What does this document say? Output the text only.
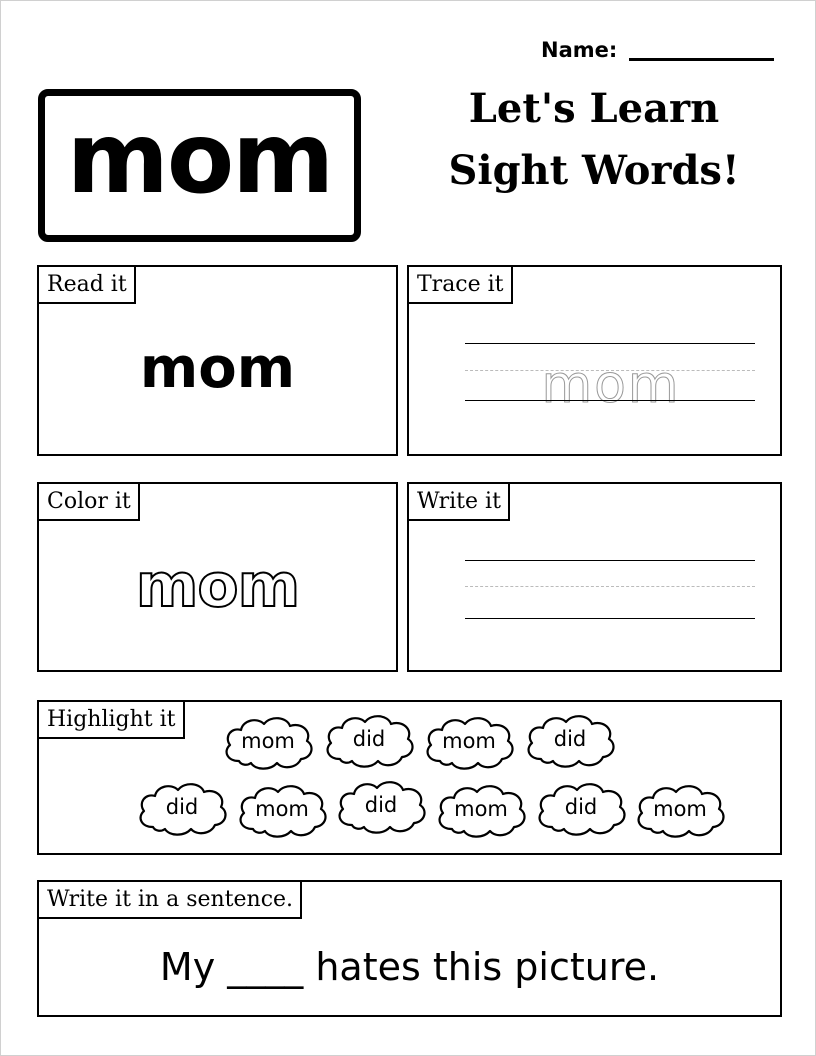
Name:
mom	Let's Learn Sight Words!
Read it
mom
Trace it
mom
Color it
mom
Write it
Highlight it
mom	did	mom	did
did	mom	did	mom	did	mom
Write it in a sentence.
My ____ hates this picture.
